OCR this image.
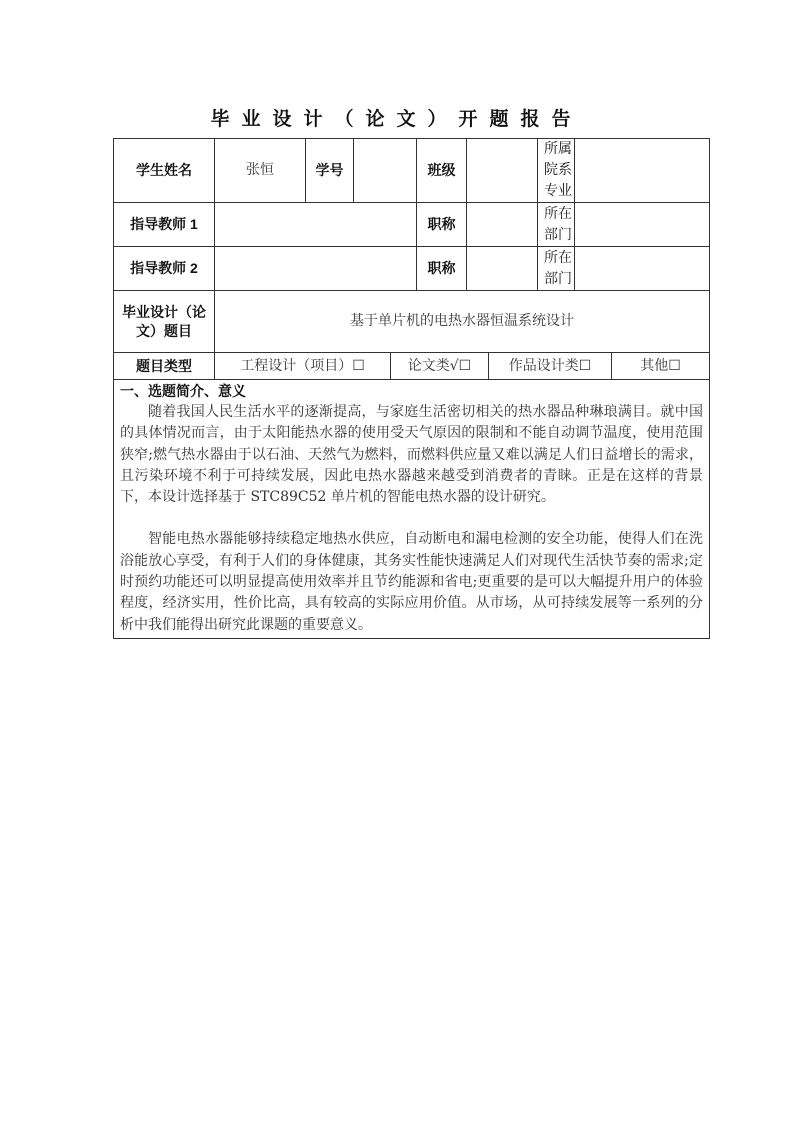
毕业设计（论文）开题报告
学生姓名	张恒	学号		班级		所属院系专业	

指导教师 1				职称		所在部门	

指导教师 2				职称		所在部门	

毕业设计（论文）题目	基于单片机的电热水器恒温系统设计						
题目类型	工程设计（项目）☐ 论文类√☐ 作品设计类☐ 其他☐						

一、选题简介、意义

随着我国人民生活水平的逐渐提高，与家庭生活密切相关的热水器品种琳琅满目。就中国的具体情况而言，由于太阳能热水器的使用受天气原因的限制和不能自动调节温度，使用范围狭窄;燃气热水器由于以石油、天然气为燃料，而燃料供应量又难以满足人们日益增长的需求，且污染环境不利于可持续发展，因此电热水器越来越受到消费者的青睐。正是在这样的背景下，本设计选择基于 STC89C52 单片机的智能电热水器的设计研究。

智能电热水器能够持续稳定地热水供应，自动断电和漏电检测的安全功能，使得人们在洗浴能放心享受，有利于人们的身体健康，其务实性能快速满足人们对现代生活快节奏的需求;定时预约功能还可以明显提高使用效率并且节约能源和省电;更重要的是可以大幅提升用户的体验程度，经济实用，性价比高，具有较高的实际应用价值。从市场，从可持续发展等一系列的分析中我们能得出研究此课题的重要意义。							
